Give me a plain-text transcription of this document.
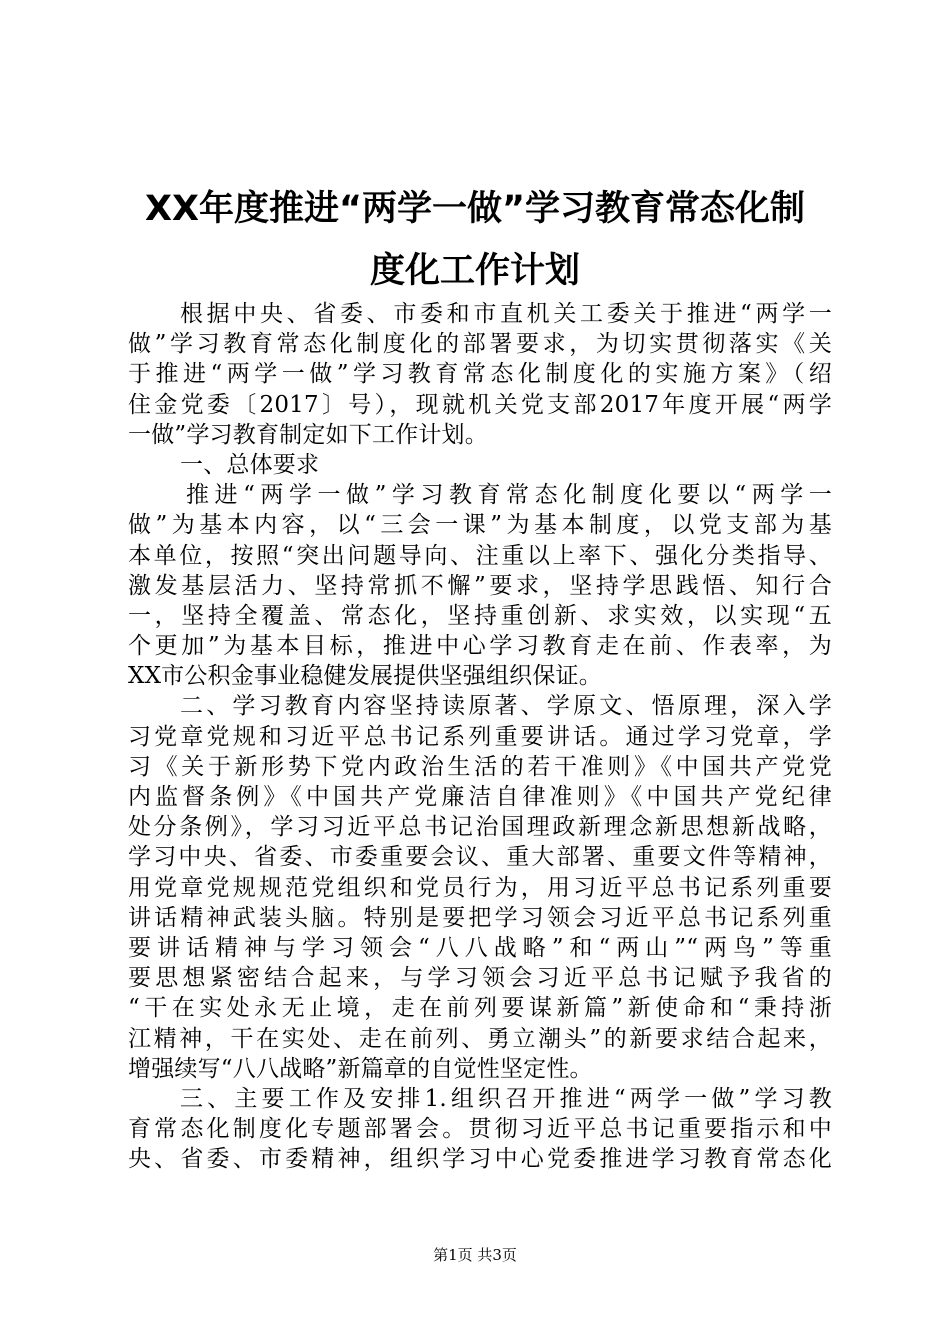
XX年度推进“两学一做”学习教育常态化制
度化工作计划
根据中央、省委、市委和市直机关工委关于推进“两学一
做”学习教育常态化制度化的部署要求，为切实贯彻落实《关
于推进“两学一做”学习教育常态化制度化的实施方案》（绍
住金党委〔2017〕号），现就机关党支部2017年度开展“两学
一做”学习教育制定如下工作计划。
一、总体要求
推进“两学一做”学习教育常态化制度化要以“两学一
做”为基本内容，以“三会一课”为基本制度，以党支部为基
本单位，按照“突出问题导向、注重以上率下、强化分类指导、
激发基层活力、坚持常抓不懈”要求，坚持学思践悟、知行合
一，坚持全覆盖、常态化，坚持重创新、求实效，以实现“五
个更加”为基本目标，推进中心学习教育走在前、作表率，为
XX市公积金事业稳健发展提供坚强组织保证。
二、学习教育内容坚持读原著、学原文、悟原理，深入学
习党章党规和习近平总书记系列重要讲话。通过学习党章，学
习《关于新形势下党内政治生活的若干准则》《中国共产党党
内监督条例》《中国共产党廉洁自律准则》《中国共产党纪律
处分条例》，学习习近平总书记治国理政新理念新思想新战略，
学习中央、省委、市委重要会议、重大部署、重要文件等精神，
用党章党规规范党组织和党员行为，用习近平总书记系列重要
讲话精神武装头脑。特别是要把学习领会习近平总书记系列重
要讲话精神与学习领会“八八战略”和“两山”“两鸟”等重
要思想紧密结合起来，与学习领会习近平总书记赋予我省的
“干在实处永无止境，走在前列要谋新篇”新使命和“秉持浙
江精神，干在实处、走在前列、勇立潮头”的新要求结合起来，
增强续写“八八战略”新篇章的自觉性坚定性。
三、主要工作及安排1.组织召开推进“两学一做”学习教
育常态化制度化专题部署会。贯彻习近平总书记重要指示和中
央、省委、市委精神，组织学习中心党委推进学习教育常态化
第1页 共3页
